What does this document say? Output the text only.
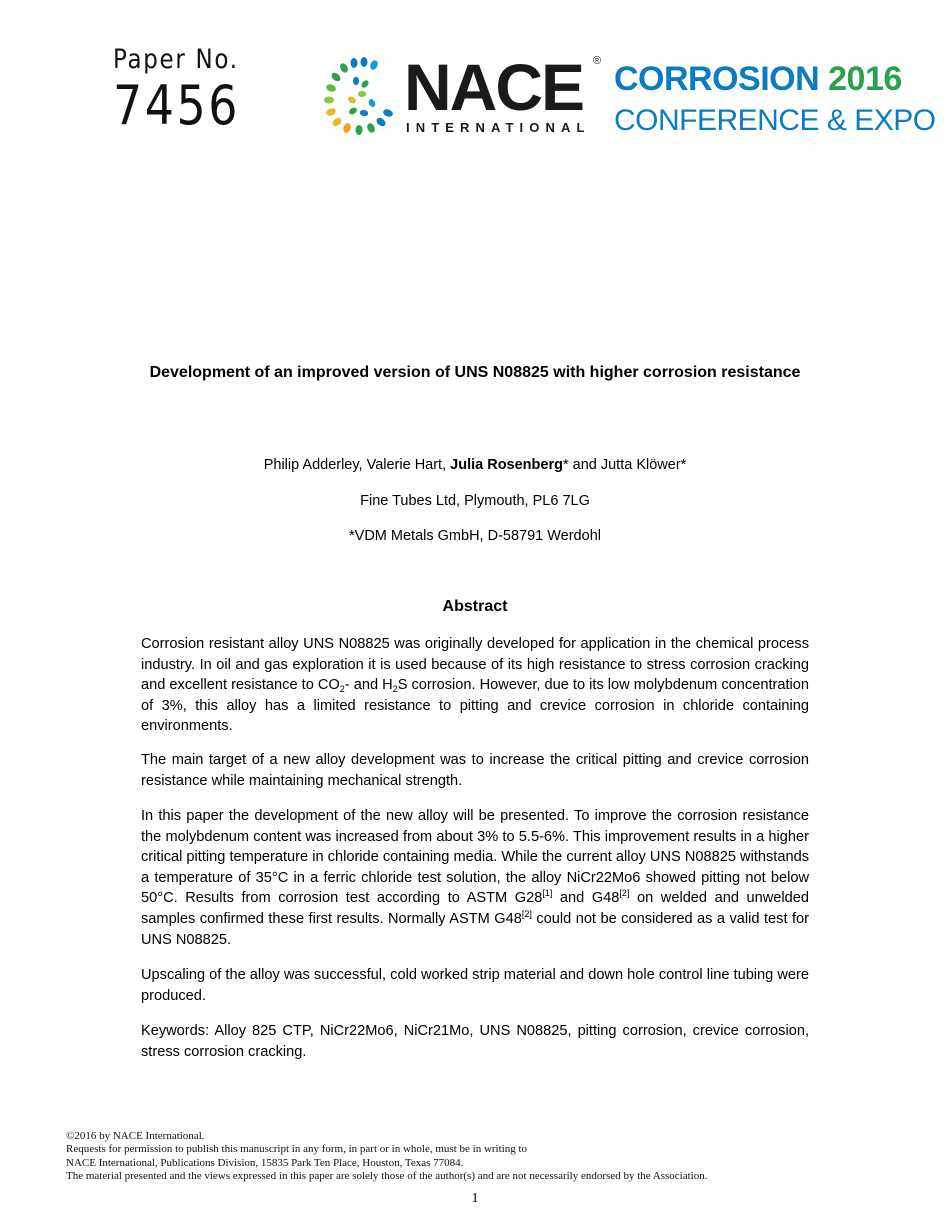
Paper No.
7456 NACE ®
INTERNATIONAL
CORROSION 2016
CONFERENCE & EXPO
Development of an improved version of UNS N08825 with higher corrosion resistance
Philip Adderley, Valerie Hart, Julia Rosenberg* and Jutta Klöwer*
Fine Tubes Ltd, Plymouth, PL6 7LG
*VDM Metals GmbH, D-58791 Werdohl
Abstract

Corrosion resistant alloy UNS N08825 was originally developed for application in the chemical process industry. In oil and gas exploration it is used because of its high resistance to stress corrosion cracking and excellent resistance to $CO_2-$ and $H_2S$ corrosion. However, due to its low molybdenum concentration of 3%, this alloy has a limited resistance to pitting and crevice corrosion in chloride containing environments.

The main target of a new alloy development was to increase the critical pitting and crevice corrosion resistance while maintaining mechanical strength.

In this paper the development of the new alloy will be presented. To improve the corrosion resistance the molybdenum content was increased from about 3% to 5.5-6%. This improvement results in a higher critical pitting temperature in chloride containing media. While the current alloy UNS N08825 withstands a temperature of 35°C in a ferric chloride test solution, the alloy NiCr22Mo6 showed pitting not below 50°C. Results from corrosion test according to ASTM G28[1] and G48[2] on welded and unwelded samples confirmed these first results. Normally ASTM G48[2] could not be considered as a valid test for UNS N08825.

Upscaling of the alloy was successful, cold worked strip material and down hole control line tubing were produced.

Keywords: Alloy 825 CTP, NiCr22Mo6, NiCr21Mo, UNS N08825, pitting corrosion, crevice corrosion, stress corrosion cracking.

©2016 by NACE International.
Requests for permission to publish this manuscript in any form, in part or in whole, must be in writing to
NACE International, Publications Division, 15835 Park Ten Place, Houston, Texas 77084.
The material presented and the views expressed in this paper are solely those of the author(s) and are not necessarily endorsed by the Association.
1
